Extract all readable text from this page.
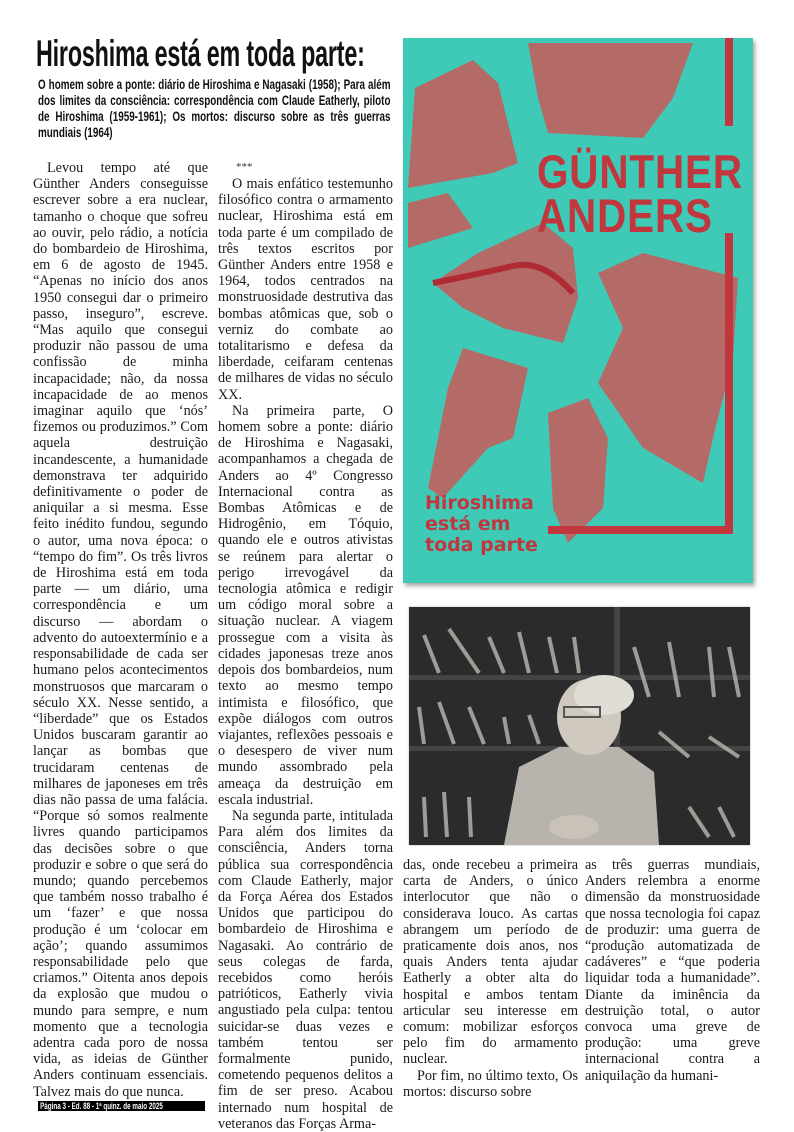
Hiroshima está em toda parte:
O homem sobre a ponte: diário de Hiroshima e Nagasaki (1958); Para além dos limites da consciência: correspondência com Claude Eatherly, piloto de Hiroshima (1959-1961); Os mortos: discurso sobre as três guerras mundiais (1964)

Levou tempo até que Günther Anders conseguisse escrever sobre a era nuclear, tamanho o choque que sofreu ao ouvir, pelo rádio, a notícia do bombardeio de Hiroshima, em 6 de agosto de 1945. “Apenas no início dos anos 1950 consegui dar o primeiro passo, inseguro”, escreve. “Mas aquilo que consegui produzir não passou de uma confissão de minha incapacidade; não, da nossa incapacidade de ao menos imaginar aquilo que ‘nós’ fizemos ou produzimos.” Com aquela destruição incandescente, a humanidade demonstrava ter adquirido definitivamente o poder de aniquilar a si mesma. Esse feito inédito fundou, segundo o autor, uma nova época: o “tempo do fim”. Os três livros de Hiroshima está em toda parte — um diário, uma correspondência e um discurso — abordam o advento do autoextermínio e a responsabilidade de cada ser humano pelos acontecimentos monstruosos que marcaram o século XX. Nesse sentido, a “liberdade” que os Estados Unidos buscaram garantir ao lançar as bombas que trucidaram centenas de milhares de japoneses em três dias não passa de uma falácia. “Porque só somos realmente livres quando participamos das decisões sobre o que produzir e sobre o que será do mundo; quando percebemos que também nosso trabalho é um ‘fazer’ e que nossa produção é um ‘colocar em ação’; quando assumimos responsabilidade pelo que criamos.” Oitenta anos depois da explosão que mudou o mundo para sempre, e num momento que a tecnologia adentra cada poro de nossa vida, as ideias de Günther Anders continuam essenciais. Talvez mais do que nunca.

***

O mais enfático testemunho filosófico contra o armamento nuclear, Hiroshima está em toda parte é um compilado de três textos escritos por Günther Anders entre 1958 e 1964, todos centrados na monstruosidade destrutiva das bombas atômicas que, sob o verniz do combate ao totalitarismo e defesa da liberdade, ceifaram centenas de milhares de vidas no século XX.

Na primeira parte, O homem sobre a ponte: diário de Hiroshima e Nagasaki, acompanhamos a chegada de Anders ao 4º Congresso Internacional contra as Bombas Atômicas e de Hidrogênio, em Tóquio, quando ele e outros ativistas se reúnem para alertar o perigo irrevogável da tecnologia atômica e redigir um código moral sobre a situação nuclear. A viagem prossegue com a visita às cidades japonesas treze anos depois dos bombardeios, num texto ao mesmo tempo intimista e filosófico, que expõe diálogos com outros viajantes, reflexões pessoais e o desespero de viver num mundo assombrado pela ameaça da destruição em escala industrial.

Na segunda parte, intitulada Para além dos limites da consciência, Anders torna pública sua correspondência com Claude Eatherly, major da Força Aérea dos Estados Unidos que participou do bombardeio de Hiroshima e Nagasaki. Ao contrário de seus colegas de farda, recebidos como heróis patrióticos, Eatherly vivia angustiado pela culpa: tentou suicidar-se duas vezes e também tentou ser formalmente punido, cometendo pequenos delitos a fim de ser preso. Acabou internado num hospital de veteranos das Forças Arma-

das, onde recebeu a primeira carta de Anders, o único interlocutor que não o considerava louco. As cartas abrangem um período de praticamente dois anos, nos quais Anders tenta ajudar Eatherly a obter alta do hospital e ambos tentam articular seu interesse em comum: mobilizar esforços pelo fim do armamento nuclear.

Por fim, no último texto, Os mortos: discurso sobre

as três guerras mundiais, Anders relembra a enorme dimensão da monstruosidade que nossa tecnologia foi capaz de produzir: uma guerra de “produção automatizada de cadáveres” e “que poderia liquidar toda a humanidade”. Diante da iminência da destruição total, o autor convoca uma greve de produção: uma greve internacional contra a aniquilação da humani-

GÜNTHER
ANDERS
Hiroshima está em toda parte
Página 3 - Ed. 88 - 1ª quinz. de maio 2025
